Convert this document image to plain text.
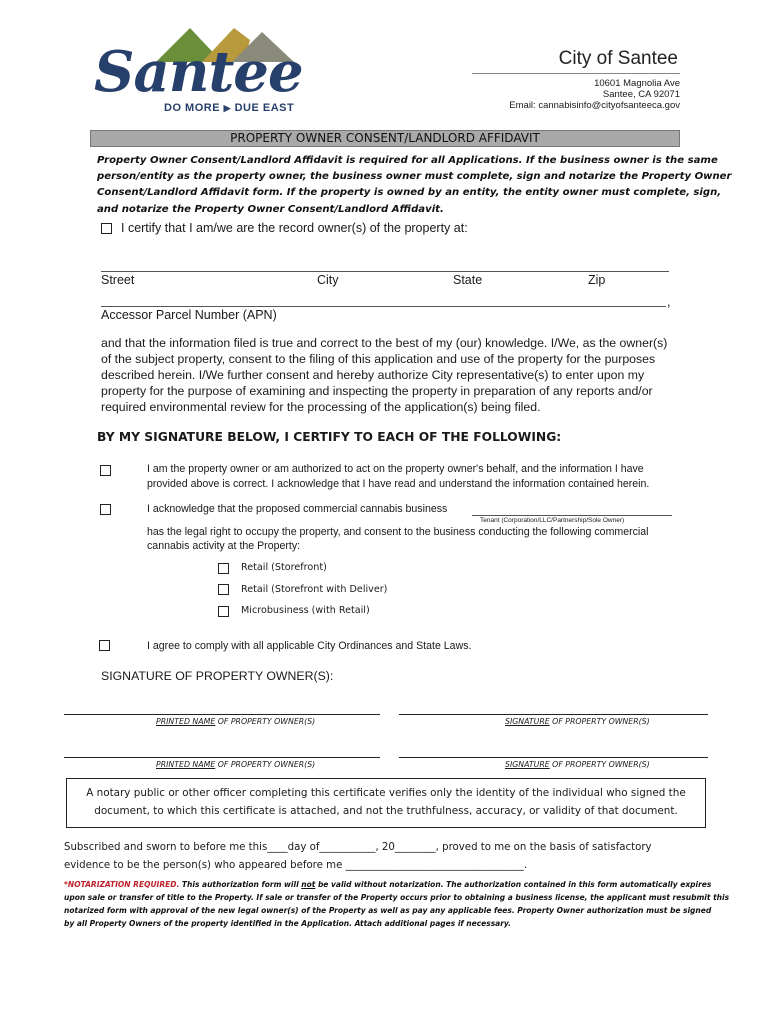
Santee
DO MORE ▶ DUE EAST
City of Santee
10601 Magnolia Ave
Santee, CA 92071
Email: cannabisinfo@cityofsanteeca.gov
PROPERTY OWNER CONSENT/LANDLORD AFFIDAVIT
Property Owner Consent/Landlord Affidavit is required for all Applications. If the business owner is the same
person/entity as the property owner, the business owner must complete, sign and notarize the Property Owner
Consent/Landlord Affidavit form. If the property is owned by an entity, the entity owner must complete, sign,
and notarize the Property Owner Consent/Landlord Affidavit.
I certify that I am/we are the record owner(s) of the property at:
Street	City	State	Zip
,
Accessor Parcel Number (APN)
and that the information filed is true and correct to the best of my (our) knowledge. I/We, as the owner(s)
of the subject property, consent to the filing of this application and use of the property for the purposes
described herein. I/We further consent and hereby authorize City representative(s) to enter upon my
property for the purpose of examining and inspecting the property in preparation of any reports and/or
required environmental review for the processing of the application(s) being filed.
BY MY SIGNATURE BELOW, I CERTIFY TO EACH OF THE FOLLOWING:
I am the property owner or am authorized to act on the property owner's behalf, and the information I have
provided above is correct. I acknowledge that I have read and understand the information contained herein.
I acknowledge that the proposed commercial cannabis business
Tenant (Corporation/LLC/Partnership/Sole Owner)
has the legal right to occupy the property, and consent to the business conducting the following commercial
cannabis activity at the Property:
Retail (Storefront)
Retail (Storefront with Deliver)
Microbusiness (with Retail)
I agree to comply with all applicable City Ordinances and State Laws.
SIGNATURE OF PROPERTY OWNER(S):
PRINTED NAME OF PROPERTY OWNER(S)	SIGNATURE OF PROPERTY OWNER(S)
PRINTED NAME OF PROPERTY OWNER(S)	SIGNATURE OF PROPERTY OWNER(S)
A notary public or other officer completing this certificate verifies only the identity of the individual who signed the
document, to which this certificate is attached, and not the truthfulness, accuracy, or validity of that document.
Subscribed and sworn to before me this____day of___________, 20________, proved to me on the basis of satisfactory
evidence to be the person(s) who appeared before me ___________________________________.
*NOTARIZATION REQUIRED. This authorization form will not be valid without notarization. The authorization contained in this form automatically expires
upon sale or transfer of title to the Property. If sale or transfer of the Property occurs prior to obtaining a business license, the applicant must resubmit this
notarized form with approval of the new legal owner(s) of the Property as well as pay any applicable fees. Property Owner authorization must be signed
by all Property Owners of the property identified in the Application. Attach additional pages if necessary.
